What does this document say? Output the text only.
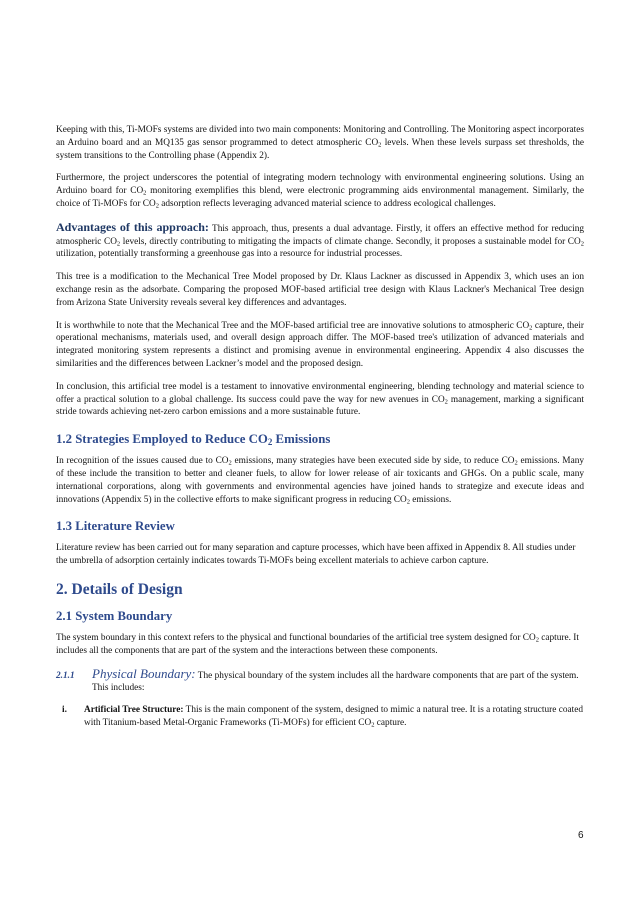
Keeping with this, Ti-MOFs systems are divided into two main components: Monitoring and Controlling. The Monitoring aspect incorporates an Arduino board and an MQ135 gas sensor programmed to detect atmospheric $CO_2$ levels. When these levels surpass set thresholds, the system transitions to the Controlling phase (Appendix 2).

Furthermore, the project underscores the potential of integrating modern technology with environmental engineering solutions. Using an Arduino board for $CO_2$ monitoring exemplifies this blend, were electronic programming aids environmental management. Similarly, the choice of Ti-MOFs for $CO_2$ adsorption reflects leveraging advanced material science to address ecological challenges.

Advantages of this approach: This approach, thus, presents a dual advantage. Firstly, it offers an effective method for reducing atmospheric $CO_2$ levels, directly contributing to mitigating the impacts of climate change. Secondly, it proposes a sustainable model for $CO_2$ utilization, potentially transforming a greenhouse gas into a resource for industrial processes.

This tree is a modification to the Mechanical Tree Model proposed by Dr. Klaus Lackner as discussed in Appendix 3, which uses an ion exchange resin as the adsorbate. Comparing the proposed MOF-based artificial tree design with Klaus Lackner's Mechanical Tree design from Arizona State University reveals several key differences and advantages.

It is worthwhile to note that the Mechanical Tree and the MOF-based artificial tree are innovative solutions to atmospheric $CO_2$ capture, their operational mechanisms, materials used, and overall design approach differ. The MOF-based tree's utilization of advanced materials and integrated monitoring system represents a distinct and promising avenue in environmental engineering. Appendix 4 also discusses the similarities and the differences between Lackner’s model and the proposed design.

In conclusion, this artificial tree model is a testament to innovative environmental engineering, blending technology and material science to offer a practical solution to a global challenge. Its success could pave the way for new avenues in $CO_2$ management, marking a significant stride towards achieving net-zero carbon emissions and a more sustainable future.

1.2 Strategies Employed to Reduce CO2 Emissions

In recognition of the issues caused due to $CO_2$ emissions, many strategies have been executed side by side, to reduce $CO_2$ emissions. Many of these include the transition to better and cleaner fuels, to allow for lower release of air toxicants and GHGs. On a public scale, many international corporations, along with governments and environmental agencies have joined hands to strategize and execute ideas and innovations (Appendix 5) in the collective efforts to make significant progress in reducing $CO_2$ emissions.

1.3 Literature Review

Literature review has been carried out for many separation and capture processes, which have been affixed in Appendix 8. All studies under the umbrella of adsorption certainly indicates towards Ti-MOFs being excellent materials to achieve carbon capture.

2. Details of Design
2.1 System Boundary

The system boundary in this context refers to the physical and functional boundaries of the artificial tree system designed for $CO_2$ capture. It includes all the components that are part of the system and the interactions between these components.

2.1.1	Physical Boundary: The physical boundary of the system includes all the hardware components that are part of the system. This includes:
i.	Artificial Tree Structure: This is the main component of the system, designed to mimic a natural tree. It is a rotating structure coated with Titanium-based Metal-Organic Frameworks (Ti-MOFs) for efficient $CO_2$ capture.
6
